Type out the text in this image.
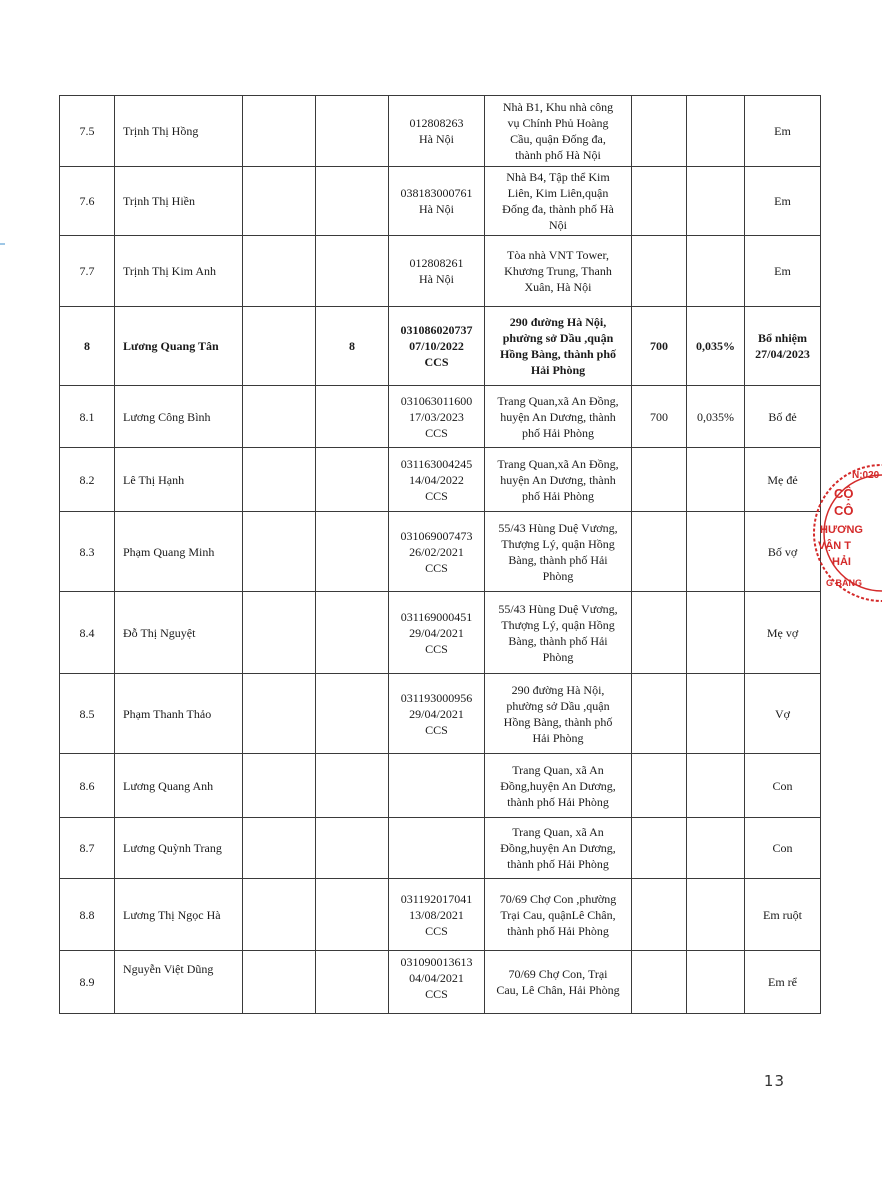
7.5	Trịnh Thị Hồng			012808263
Hà Nội	Nhà B1, Khu nhà công
vụ Chính Phủ Hoàng
Cầu, quận Đống đa,
thành phố Hà Nội			Em
7.6	Trịnh Thị Hiền			038183000761
Hà Nội	Nhà B4, Tập thể Kim
Liên, Kim Liên,quận
Đống đa, thành phố Hà
Nội			Em
7.7	Trịnh Thị Kim Anh			012808261
Hà Nội	Tòa nhà VNT Tower,
Khương Trung, Thanh
Xuân, Hà Nội			Em
8	Lương Quang Tân		8	031086020737
07/10/2022
CCS	290 đường Hà Nội,
phường sở Dầu ,quận
Hồng Bàng, thành phố
Hải Phòng	700	0,035%	Bổ nhiệm
27/04/2023
8.1	Lương Công Bình			031063011600
17/03/2023
CCS	Trang Quan,xã An Đồng,
huyện An Dương, thành
phố Hải Phòng	700	0,035%	Bố đẻ
8.2	Lê Thị Hạnh			031163004245
14/04/2022
CCS	Trang Quan,xã An Đồng,
huyện An Dương, thành
phố Hải Phòng			Mẹ đẻ
8.3	Phạm Quang Minh			031069007473
26/02/2021
CCS	55/43 Hùng Duệ Vương,
Thượng Lý, quận Hồng
Bàng, thành phố Hải
Phòng			Bố vợ
8.4	Đỗ Thị Nguyệt			031169000451
29/04/2021
CCS	55/43 Hùng Duệ Vương,
Thượng Lý, quận Hồng
Bàng, thành phố Hải
Phòng			Mẹ vợ
8.5	Phạm Thanh Thảo			031193000956
29/04/2021
CCS	290 đường Hà Nội,
phường sở Dầu ,quận
Hồng Bàng, thành phố
Hải Phòng			Vợ
8.6	Lương Quang Anh				Trang Quan, xã An
Đồng,huyện An Dương,
thành phố Hải Phòng			Con
8.7	Lương Quỳnh Trang				Trang Quan, xã An
Đồng,huyện An Dương,
thành phố Hải Phòng			Con
8.8	Lương Thị Ngọc Hà			031192017041
13/08/2021
CCS	70/69 Chợ Con ,phường
Trại Cau, quậnLê Chân,
thành phố Hải Phòng			Em ruột
8.9	Nguyễn Việt Dũng			031090013613
04/04/2021
CCS	70/69 Chợ Con, Trại
Cau, Lê Chân, Hải Phòng			Em rể
13
N:020
CỘ
CÔ
HƯƠNG
VẬN T
HẢI
G BÀNG
